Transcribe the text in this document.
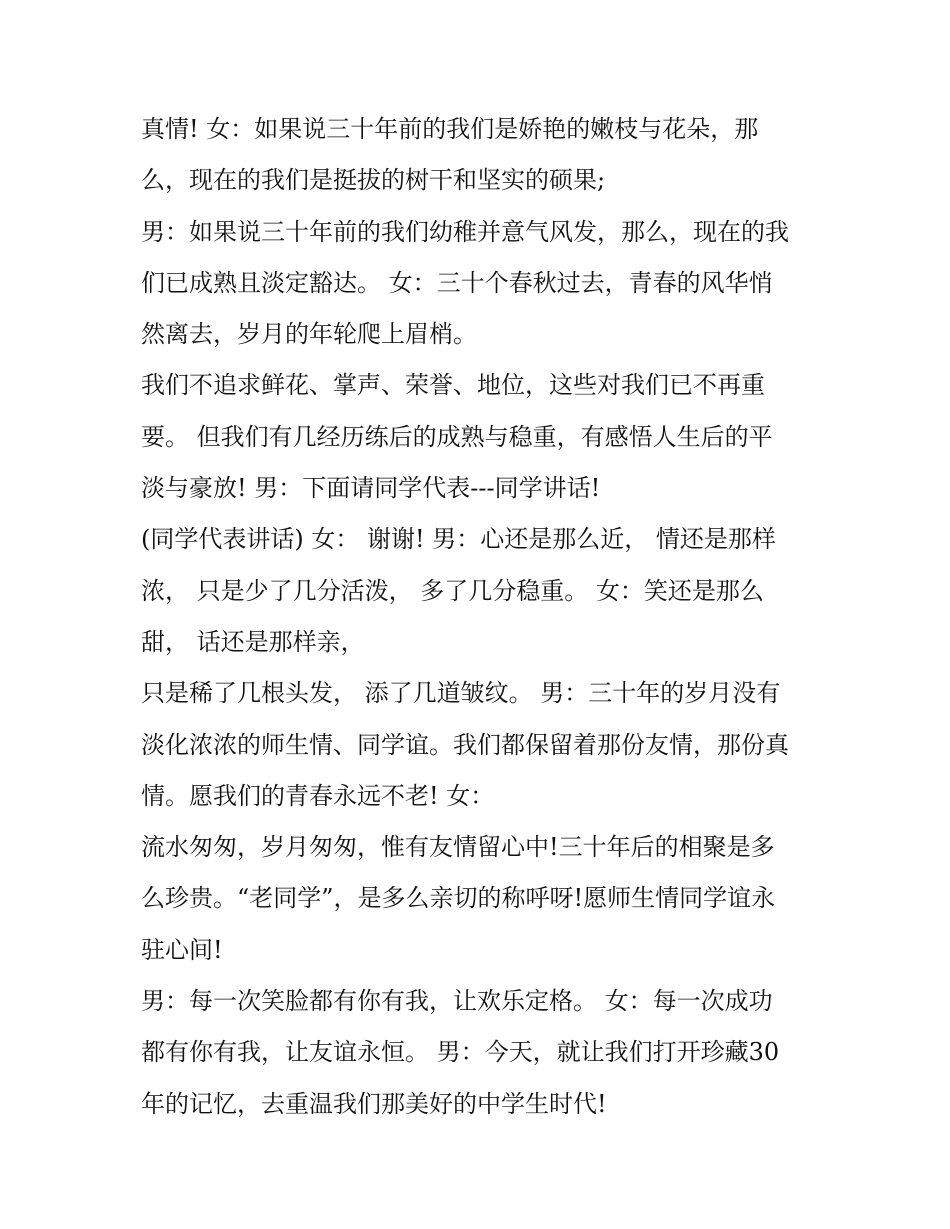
真情! 女：如果说三十年前的我们是娇艳的嫩枝与花朵，那
么，现在的我们是挺拔的树干和坚实的硕果;
男：如果说三十年前的我们幼稚并意气风发，那么，现在的我
们已成熟且淡定豁达。 女：三十个春秋过去，青春的风华悄
然离去，岁月的年轮爬上眉梢。
我们不追求鲜花、掌声、荣誉、地位，这些对我们已不再重
要。 但我们有几经历练后的成熟与稳重，有感悟人生后的平
淡与豪放! 男：下面请同学代表---同学讲话!
(同学代表讲话) 女： 谢谢! 男：心还是那么近， 情还是那样
浓， 只是少了几分活泼， 多了几分稳重。 女：笑还是那么
甜， 话还是那样亲，
只是稀了几根头发， 添了几道皱纹。 男：三十年的岁月没有
淡化浓浓的师生情、同学谊。我们都保留着那份友情，那份真
情。愿我们的青春永远不老! 女：
流水匆匆，岁月匆匆，惟有友情留心中!三十年后的相聚是多
么珍贵。“老同学”，是多么亲切的称呼呀!愿师生情同学谊永
驻心间!
男：每一次笑脸都有你有我，让欢乐定格。 女：每一次成功
都有你有我，让友谊永恒。 男：今天，就让我们打开珍藏30
年的记忆，去重温我们那美好的中学生时代!
